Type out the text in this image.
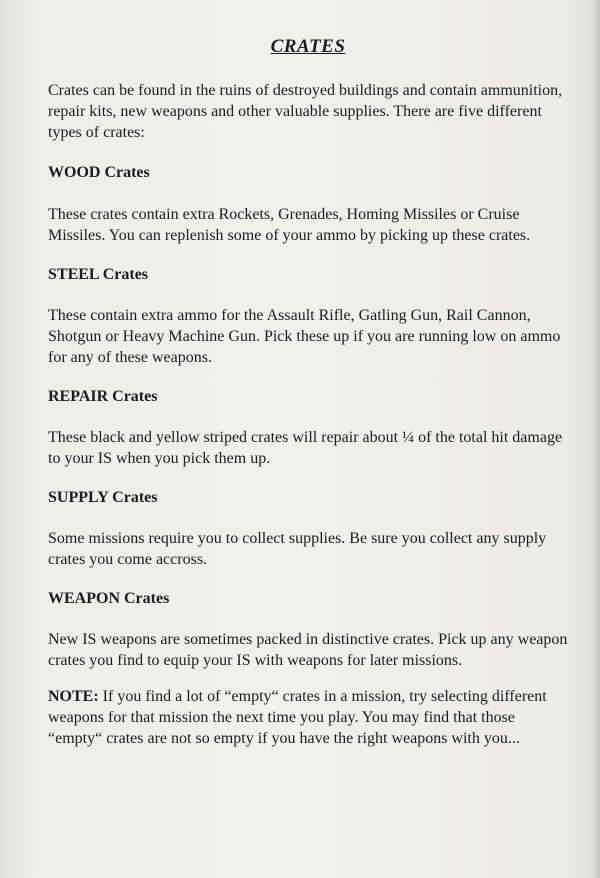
CRATES

Crates can be found in the ruins of destroyed buildings and contain ammunition, repair kits, new weapons and other valuable supplies. There are five different types of crates:

WOOD Crates

These crates contain extra Rockets, Grenades, Homing Missiles or Cruise Missiles. You can replenish some of your ammo by picking up these crates.

STEEL Crates

These contain extra ammo for the Assault Rifle, Gatling Gun, Rail Cannon, Shotgun or Heavy Machine Gun. Pick these up if you are running low on ammo for any of these weapons.

REPAIR Crates

These black and yellow striped crates will repair about ¼ of the total hit damage to your IS when you pick them up.

SUPPLY Crates

Some missions require you to collect supplies. Be sure you collect any supply crates you come accross.

WEAPON Crates

New IS weapons are sometimes packed in distinctive crates. Pick up any weapon crates you find to equip your IS with weapons for later missions.

NOTE: If you find a lot of “empty“ crates in a mission, try selecting different weapons for that mission the next time you play. You may find that those “empty“ crates are not so empty if you have the right weapons with you...
